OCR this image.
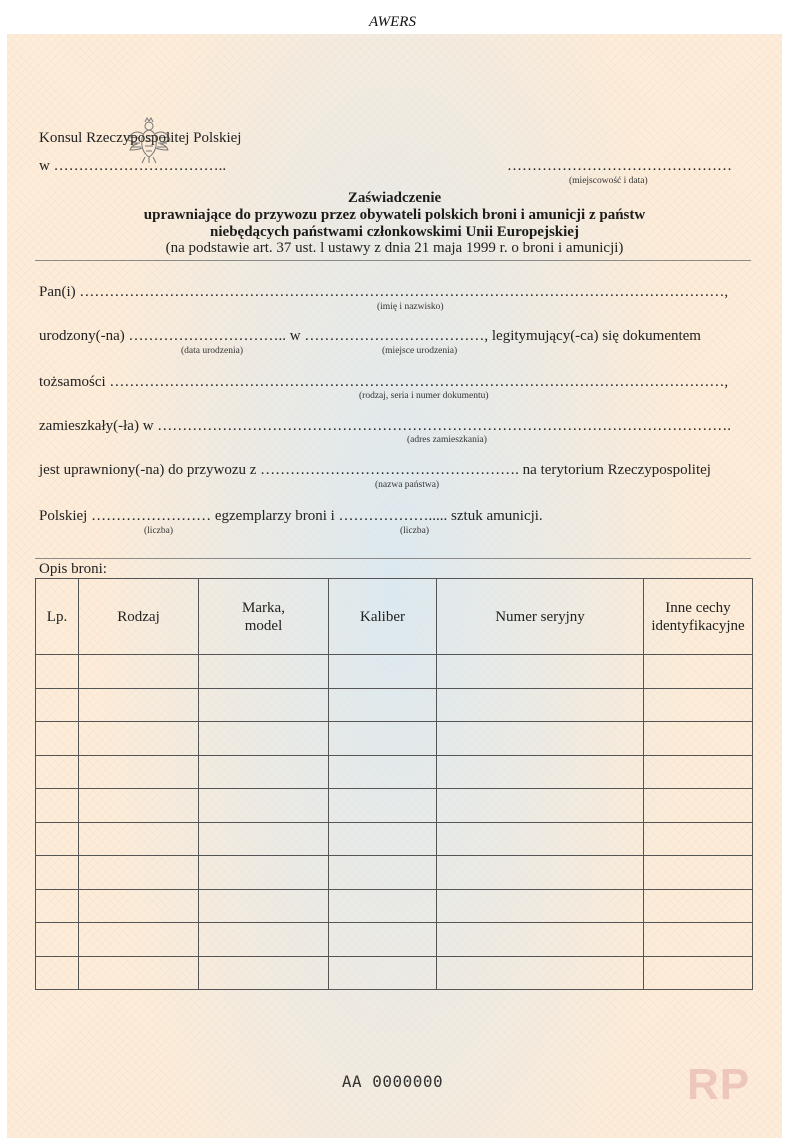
AWERS
Konsul Rzeczypospolitej Polskiej
w ……………………………..	………………………………………
(miejscowość i data)
Zaświadczenie
uprawniające do przywozu przez obywateli polskich broni i amunicji z państw
niebędących państwami członkowskimi Unii Europejskiej
(na podstawie art. 37 ust. l ustawy z dnia 21 maja 1999 r. o broni i amunicji)
Pan(i) …………………………………………………………………………………………………………………,
(imię i nazwisko)
urodzony(-na) ………………………….. w ………………………………, legitymujący(-ca) się dokumentem
(data urodzenia)	(miejsce urodzenia)
tożsamości ……………………………………………………………………………………………………………,
(rodzaj, seria i numer dokumentu)
zamieszkały(-ła) w …………………………………………………………………………………………………….
(adres zamieszkania)
jest uprawniony(-na) do przywozu z ……………………………………………. na terytorium Rzeczypospolitej
(nazwa państwa)
Polskiej …………………… egzemplarzy broni i ………………..... sztuk amunicji.
(liczba)	(liczba)
Opis broni:
Lp.	Rodzaj	Marka, model	Kaliber	Numer seryjny	Inne cechy identyfikacyjne

AA 0000000	RP
